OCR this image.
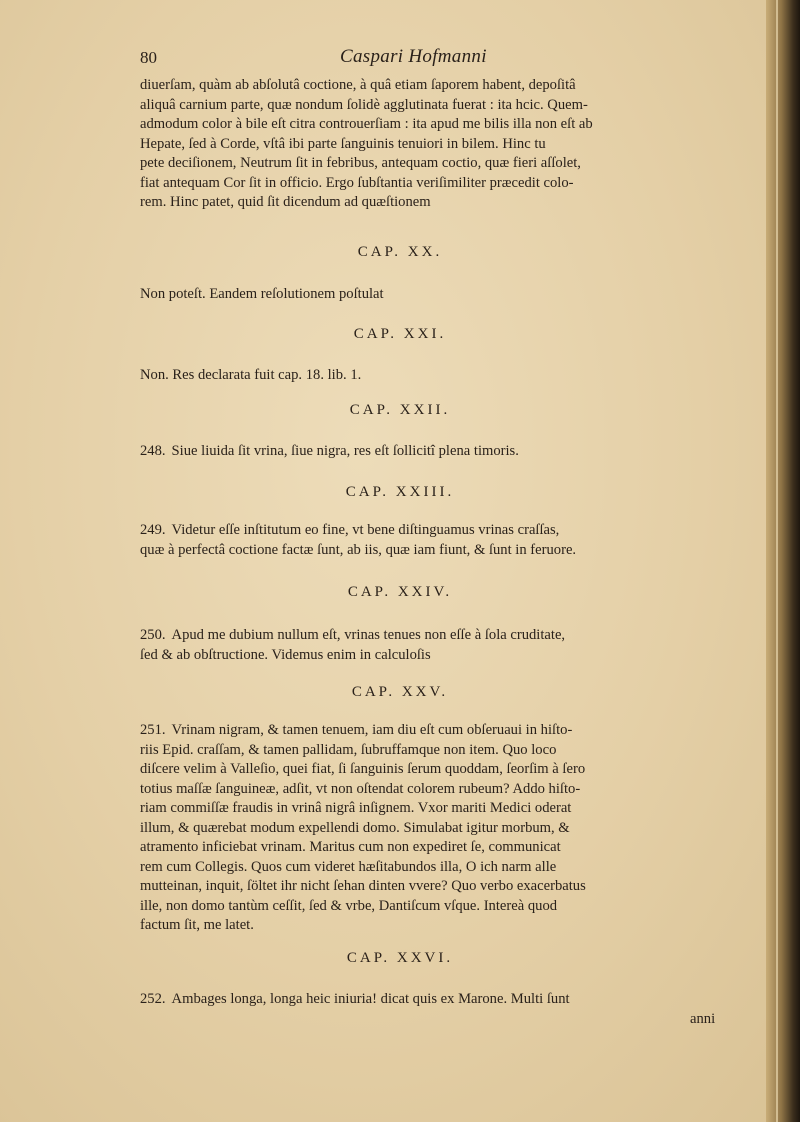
80	Caspari Hofmanni
diuerſam, quàm ab abſolutâ coctione, à quâ etiam ſaporem habent, depoſitâ
aliquâ carnium parte, quæ nondum ſolidè agglutinata fuerat : ita hcic. Quem-
admodum color à bile eſt citra controuerſiam : ita apud me bilis illa non eſt ab
Hepate, ſed à Corde, vſtâ ibi parte ſanguinis tenuiori in bilem. Hinc tu
pete deciſionem, Neutrum ſit in febribus, antequam coctio, quæ fieri aſſolet,
fiat antequam Cor ſit in officio. Ergo ſubſtantia veriſimiliter præcedit colo-
rem. Hinc patet, quid ſit dicendum ad quæſtionem
CAP. XX.
Non poteſt. Eandem reſolutionem poſtulat
CAP. XXI.
Non. Res declarata fuit cap. 18. lib. 1.
CAP. XXII.
248. Siue liuida ſit vrina, ſiue nigra, res eſt ſollicitî plena timoris.
CAP. XXIII.
249. Videtur eſſe inſtitutum eo fine, vt bene diſtinguamus vrinas craſſas,
quæ à perfectâ coctione factæ ſunt, ab iis, quæ iam fiunt, & ſunt in feruore.
CAP. XXIV.
250. Apud me dubium nullum eſt, vrinas tenues non eſſe à ſola cruditate,
ſed & ab obſtructione. Videmus enim in calculoſis
CAP. XXV.
251. Vrinam nigram, & tamen tenuem, iam diu eſt cum obſeruaui in hiſto-
riis Epid. craſſam, & tamen pallidam, ſubruffamque non item. Quo loco
diſcere velim à Valleſio, quei fiat, ſi ſanguinis ſerum quoddam, ſeorſim à ſero
totius maſſæ ſanguineæ, adſit, vt non oſtendat colorem rubeum? Addo hiſto-
riam commiſſæ fraudis in vrinâ nigrâ inſignem. Vxor mariti Medici oderat
illum, & quærebat modum expellendi domo. Simulabat igitur morbum, &
atramento inficiebat vrinam. Maritus cum non expediret ſe, communicat
rem cum Collegis. Quos cum videret hæſitabundos illa, O ich narm alle
mutteinan, inquit, ſöltet ihr nicht ſehan dinten vvere? Quo verbo exacerbatus
ille, non domo tantùm ceſſit, ſed & vrbe, Dantiſcum vſque. Intereà quod
factum ſit, me latet.
CAP. XXVI.
252. Ambages longa, longa heic iniuria! dicat quis ex Marone. Multi ſunt
anni
